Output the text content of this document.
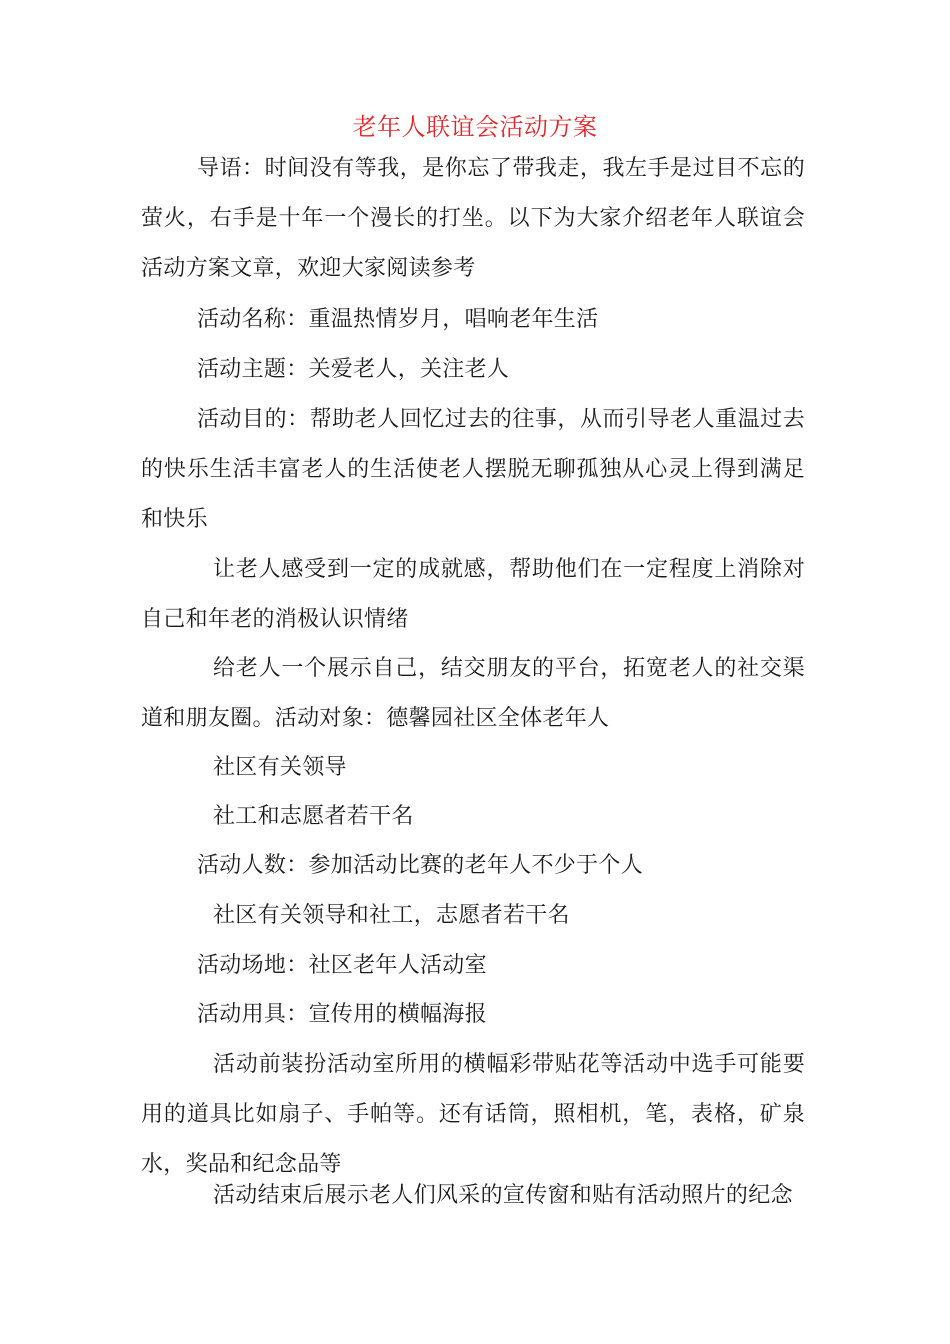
老年人联谊会活动方案
导语：时间没有等我，是你忘了带我走，我左手是过目不忘的萤火，右手是十年一个漫长的打坐。以下为大家介绍老年人联谊会活动方案文章，欢迎大家阅读参考
活动名称：重温热情岁月，唱响老年生活
活动主题：关爱老人，关注老人
活动目的：帮助老人回忆过去的往事，从而引导老人重温过去的快乐生活丰富老人的生活使老人摆脱无聊孤独从心灵上得到满足和快乐
让老人感受到一定的成就感，帮助他们在一定程度上消除对自己和年老的消极认识情绪
给老人一个展示自己，结交朋友的平台，拓宽老人的社交渠道和朋友圈。活动对象：德馨园社区全体老年人
社区有关领导
社工和志愿者若干名
活动人数：参加活动比赛的老年人不少于个人
社区有关领导和社工，志愿者若干名
活动场地：社区老年人活动室
活动用具：宣传用的横幅海报
活动前装扮活动室所用的横幅彩带贴花等活动中选手可能要用的道具比如扇子、手帕等。还有话筒，照相机，笔，表格，矿泉水，奖品和纪念品等
活动结束后展示老人们风采的宣传窗和贴有活动照片的纪念
